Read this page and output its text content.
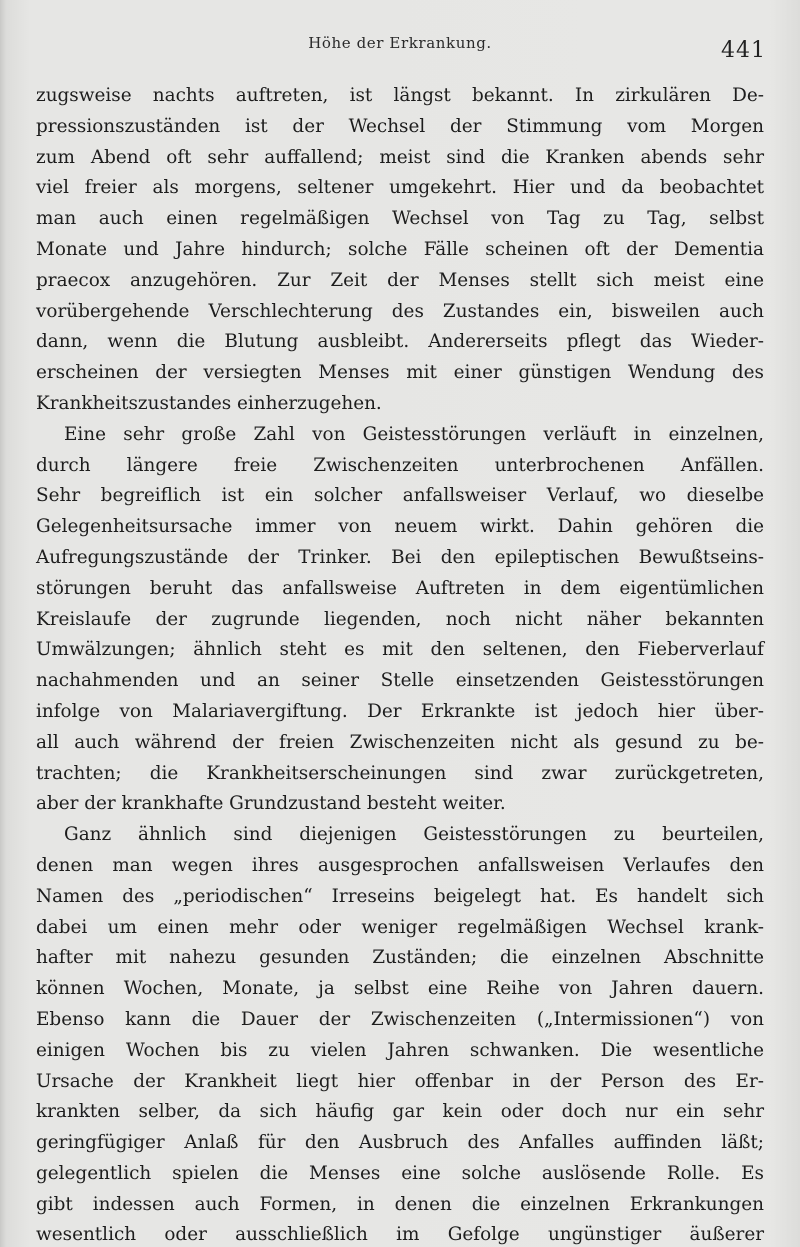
Höhe der Erkrankung.	441
zugsweise nachts auftreten, ist längst bekannt. In zirkulären De-
pressionszuständen ist der Wechsel der Stimmung vom Morgen
zum Abend oft sehr auffallend; meist sind die Kranken abends sehr
viel freier als morgens, seltener umgekehrt. Hier und da beobachtet
man auch einen regelmäßigen Wechsel von Tag zu Tag, selbst
Monate und Jahre hindurch; solche Fälle scheinen oft der Dementia
praecox anzugehören. Zur Zeit der Menses stellt sich meist eine
vorübergehende Verschlechterung des Zustandes ein, bisweilen auch
dann, wenn die Blutung ausbleibt. Andererseits pflegt das Wieder-
erscheinen der versiegten Menses mit einer günstigen Wendung des
Krankheitszustandes einherzugehen.
Eine sehr große Zahl von Geistesstörungen verläuft in einzelnen,
durch längere freie Zwischenzeiten unterbrochenen Anfällen.
Sehr begreiflich ist ein solcher anfallsweiser Verlauf, wo dieselbe
Gelegenheitsursache immer von neuem wirkt. Dahin gehören die
Aufregungszustände der Trinker. Bei den epileptischen Bewußtseins-
störungen beruht das anfallsweise Auftreten in dem eigentümlichen
Kreislaufe der zugrunde liegenden, noch nicht näher bekannten
Umwälzungen; ähnlich steht es mit den seltenen, den Fieberverlauf
nachahmenden und an seiner Stelle einsetzenden Geistesstörungen
infolge von Malariavergiftung. Der Erkrankte ist jedoch hier über-
all auch während der freien Zwischenzeiten nicht als gesund zu be-
trachten; die Krankheitserscheinungen sind zwar zurückgetreten,
aber der krankhafte Grundzustand besteht weiter.
Ganz ähnlich sind diejenigen Geistesstörungen zu beurteilen,
denen man wegen ihres ausgesprochen anfallsweisen Verlaufes den
Namen des „periodischen“ Irreseins beigelegt hat. Es handelt sich
dabei um einen mehr oder weniger regelmäßigen Wechsel krank-
hafter mit nahezu gesunden Zuständen; die einzelnen Abschnitte
können Wochen, Monate, ja selbst eine Reihe von Jahren dauern.
Ebenso kann die Dauer der Zwischenzeiten („Intermissionen“) von
einigen Wochen bis zu vielen Jahren schwanken. Die wesentliche
Ursache der Krankheit liegt hier offenbar in der Person des Er-
krankten selber, da sich häufig gar kein oder doch nur ein sehr
geringfügiger Anlaß für den Ausbruch des Anfalles auffinden läßt;
gelegentlich spielen die Menses eine solche auslösende Rolle. Es
gibt indessen auch Formen, in denen die einzelnen Erkrankungen
wesentlich oder ausschließlich im Gefolge ungünstiger äußerer
